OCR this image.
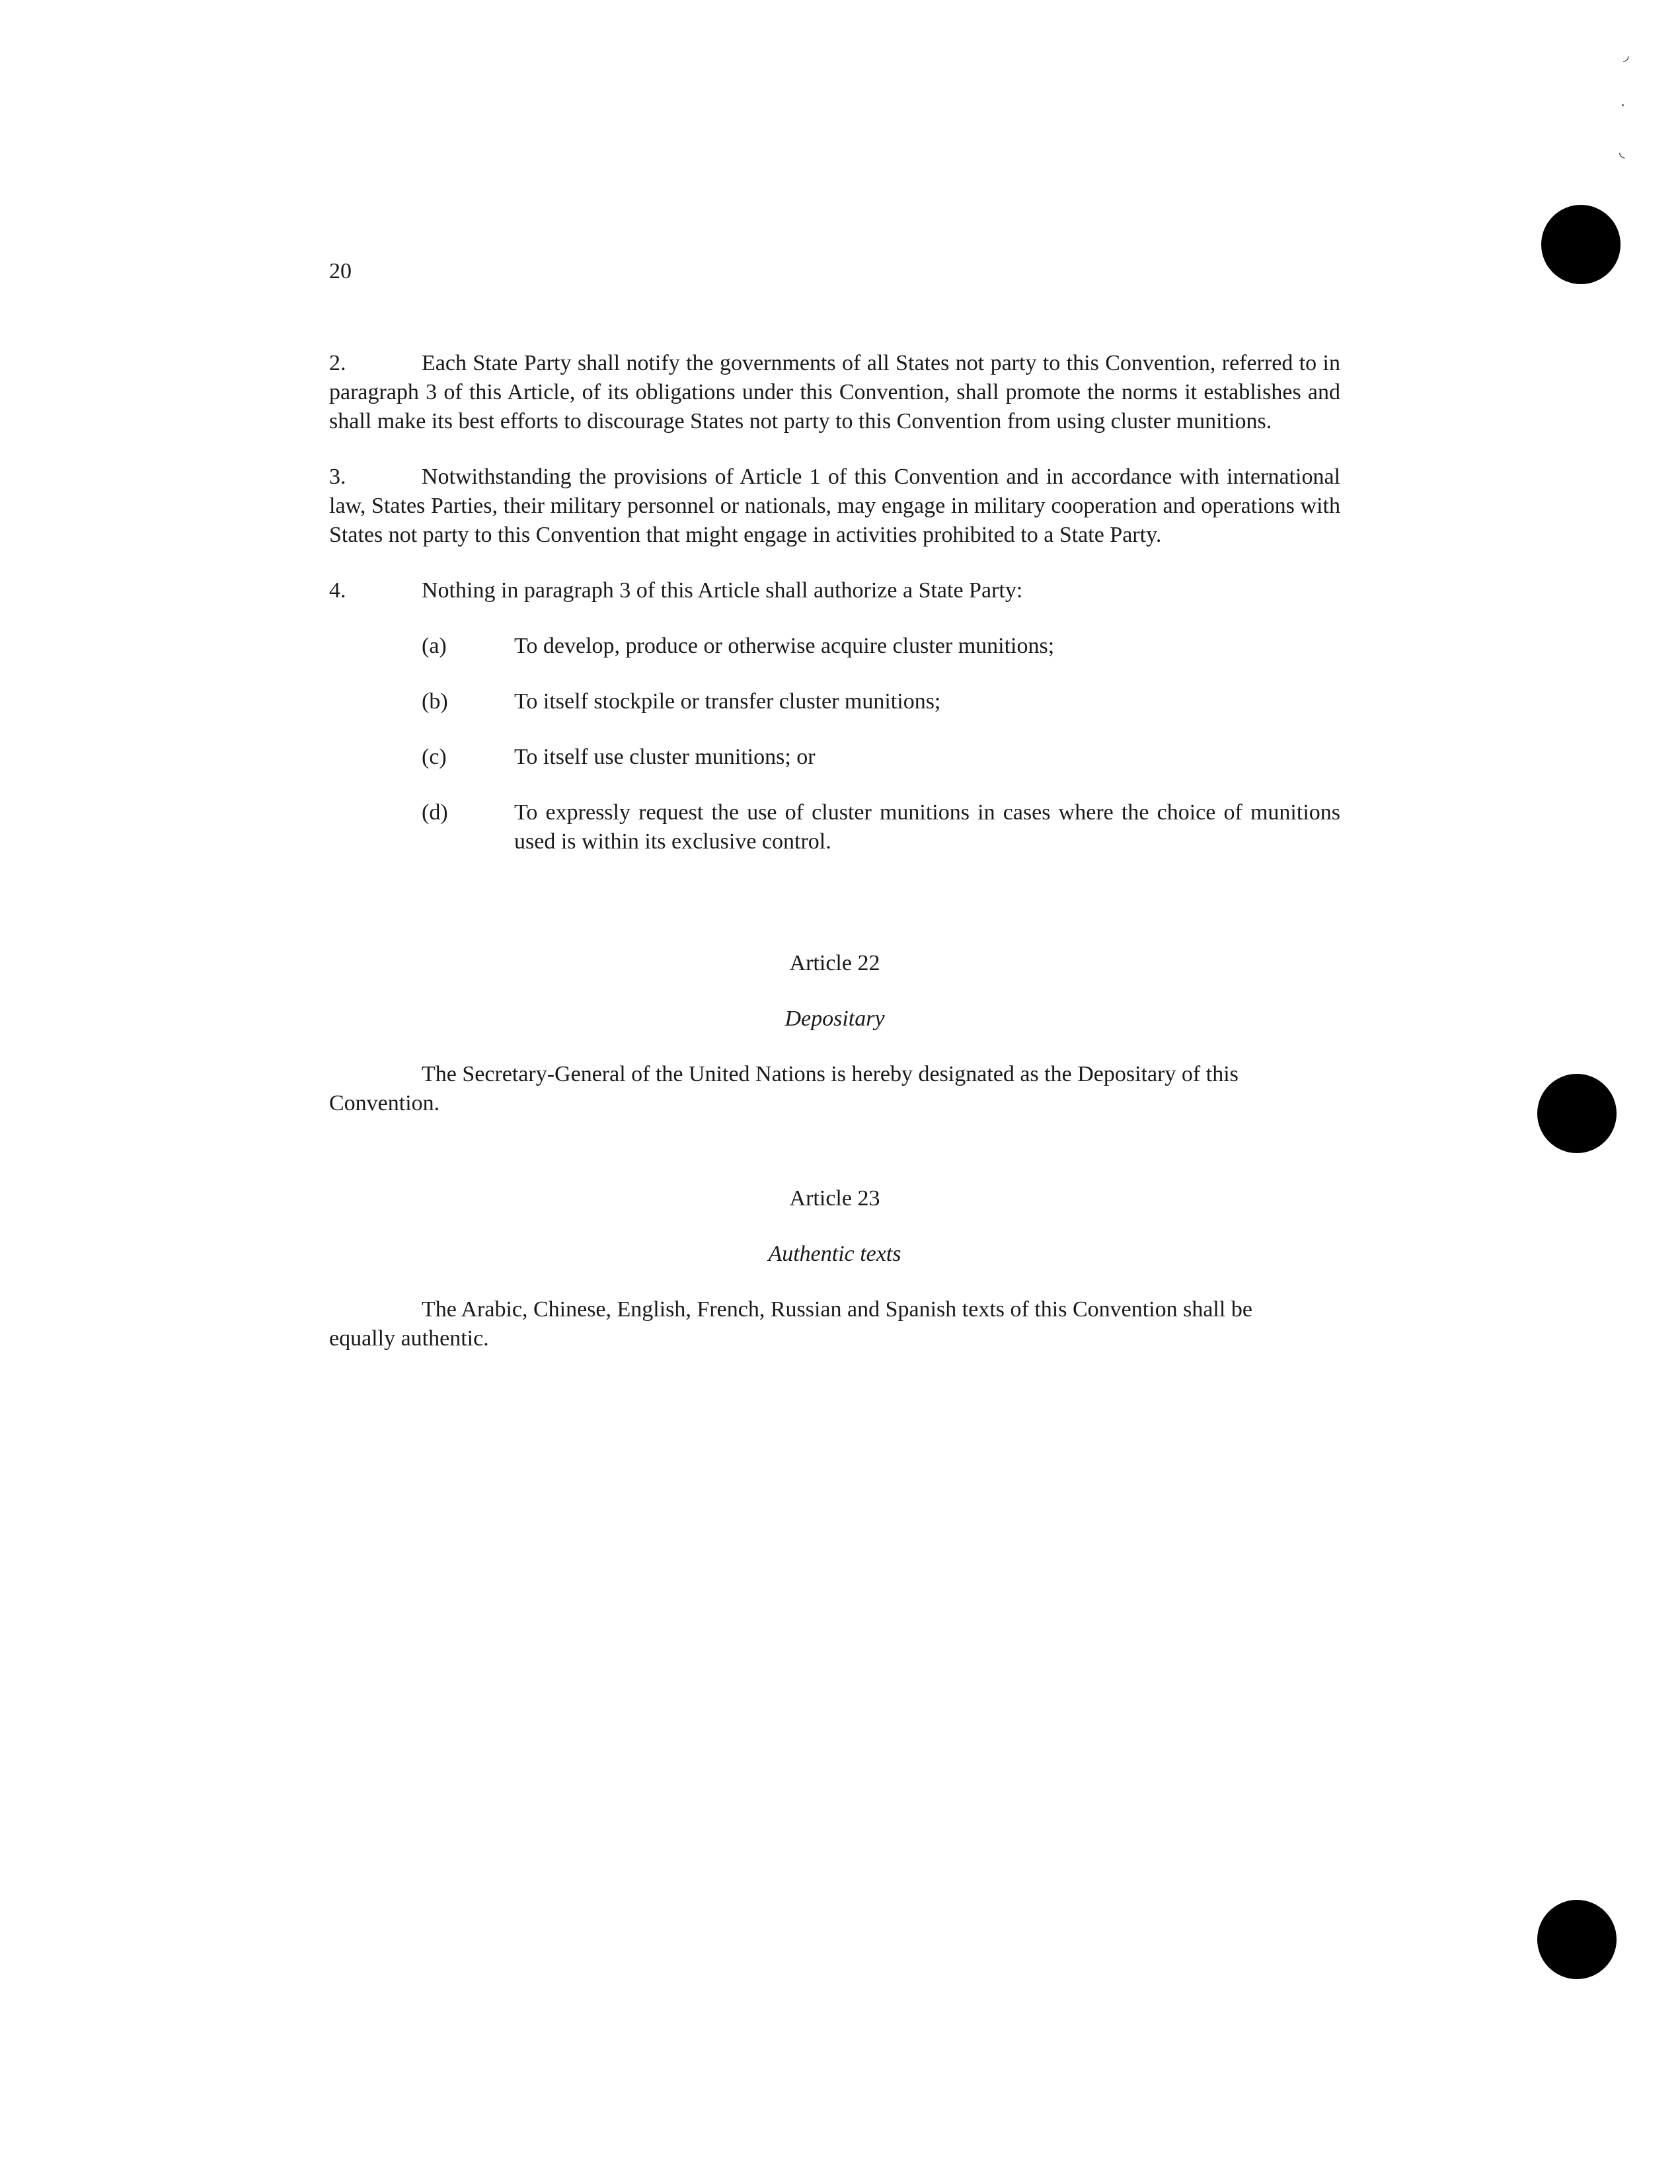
◞
·
◟
20

2.	Each State Party shall notify the governments of all States not party to this Convention, referred to in paragraph 3 of this Article, of its obligations under this Convention, shall promote the norms it establishes and shall make its best efforts to discourage States not party to this Convention from using cluster munitions.

3.	Notwithstanding the provisions of Article 1 of this Convention and in accordance with international law, States Parties, their military personnel or nationals, may engage in military cooperation and operations with States not party to this Convention that might engage in activities prohibited to a State Party.

4.	Nothing in paragraph 3 of this Article shall authorize a State Party:

(a)	To develop, produce or otherwise acquire cluster munitions;
(b)	To itself stockpile or transfer cluster munitions;
(c)	To itself use cluster munitions; or
(d)	To expressly request the use of cluster munitions in cases where the choice of munitions used is within its exclusive control.
Article 22
Depositary

The Secretary-General of the United Nations is hereby designated as the Depositary of this Convention.

Article 23
Authentic texts

The Arabic, Chinese, English, French, Russian and Spanish texts of this Convention shall be equally authentic.
